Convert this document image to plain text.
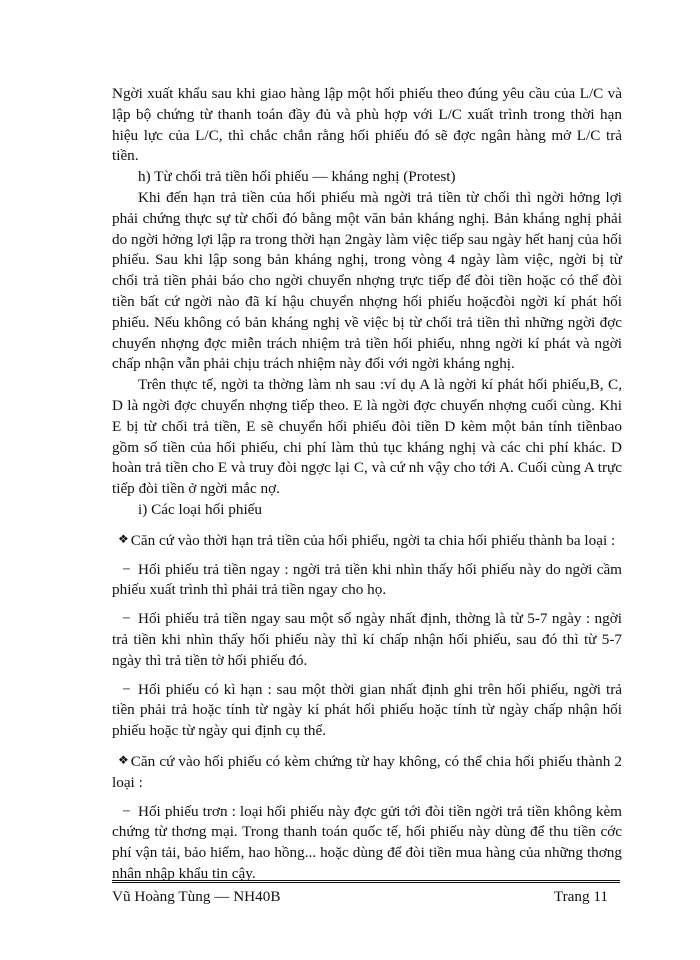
Ngời xuất khẩu sau khi giao hàng lập một hối phiếu theo đúng yêu cầu của L/C và lập bộ chứng từ thanh toán đầy đủ và phù hợp với L/C xuất trình trong thời hạn hiệu lực của L/C, thì chắc chắn rằng hối phiếu đó sẽ đợc ngân hàng mở L/C trả tiền.

h) Từ chối trả tiền hối phiếu — kháng nghị (Protest)

Khi đến hạn trả tiền của hối phiếu mà ngời trả tiền từ chối thì ngời hởng lợi phải chứng thực sự từ chối đó bằng một văn bản kháng nghị. Bản kháng nghị phải do ngời hởng lợi lập ra trong thời hạn 2ngày làm việc tiếp sau ngày hết hanj của hối phiếu. Sau khi lập song bản kháng nghị, trong vòng 4 ngày làm việc, ngời bị từ chối trả tiền phải báo cho ngời chuyển nhợng trực tiếp để đòi tiền hoặc có thể đòi tiền bất cứ ngời nào đã kí hậu chuyển nhợng hối phiếu hoặcđòi ngời kí phát hối phiếu. Nếu không có bản kháng nghị về việc bị từ chối trả tiền thì những ngời đợc chuyển nhợng đợc miễn trách nhiệm trả tiền hối phiếu, nhng ngời kí phát và ngời chấp nhận vẫn phải chịu trách nhiệm này đối với ngời kháng nghị.

Trên thực tế, ngời ta thờng làm nh sau :ví dụ A là ngời kí phát hối phiếu,B, C, D là ngời đợc chuyển nhợng tiếp theo. E là ngời đợc chuyển nhợng cuối cùng. Khi E bị từ chối trả tiền, E sẽ chuyển hối phiếu đòi tiền D kèm một bản tính tiềnbao gồm số tiền của hối phiếu, chi phí làm thủ tục kháng nghị và các chi phí khác. D hoàn trả tiền cho E và truy đòi ngợc lại C, và cứ nh vậy cho tới A. Cuối cùng A trực tiếp đòi tiền ở ngời mắc nợ.

i) Các loại hối phiếu

❖ Căn cứ vào thời hạn trả tiền của hối phiếu, ngời ta chia hối phiếu thành ba loại :

− Hối phiếu trả tiền ngay : ngời trả tiền khi nhìn thấy hối phiếu này do ngời cầm phiếu xuất trình thì phải trả tiền ngay cho họ.

− Hối phiếu trả tiền ngay sau một số ngày nhất định, thờng là từ 5-7 ngày : ngời trả tiền khi nhìn thấy hối phiếu này thì kí chấp nhận hối phiếu, sau đó thì từ 5-7 ngày thì trả tiền tờ hối phiếu đó.

− Hối phiếu có kì hạn : sau một thời gian nhất định ghi trên hối phiếu, ngời trả tiền phải trả hoặc tính từ ngày kí phát hối phiếu hoặc tính từ ngày chấp nhận hối phiếu hoặc từ ngày qui định cụ thể.

❖ Căn cứ vào hối phiếu có kèm chứng từ hay không, có thể chia hối phiếu thành 2 loại :

− Hối phiếu trơn : loại hối phiếu này đợc gửi tới đòi tiền ngời trả tiền không kèm chứng từ thơng mại. Trong thanh toán quốc tế, hối phiếu này dùng để thu tiền cớc phí vận tải, bảo hiểm, hao hồng... hoặc dùng để đòi tiền mua hàng của những thơng nhân nhập khẩu tin cậy.

Vũ Hoàng Tùng — NH40B	Trang 11
